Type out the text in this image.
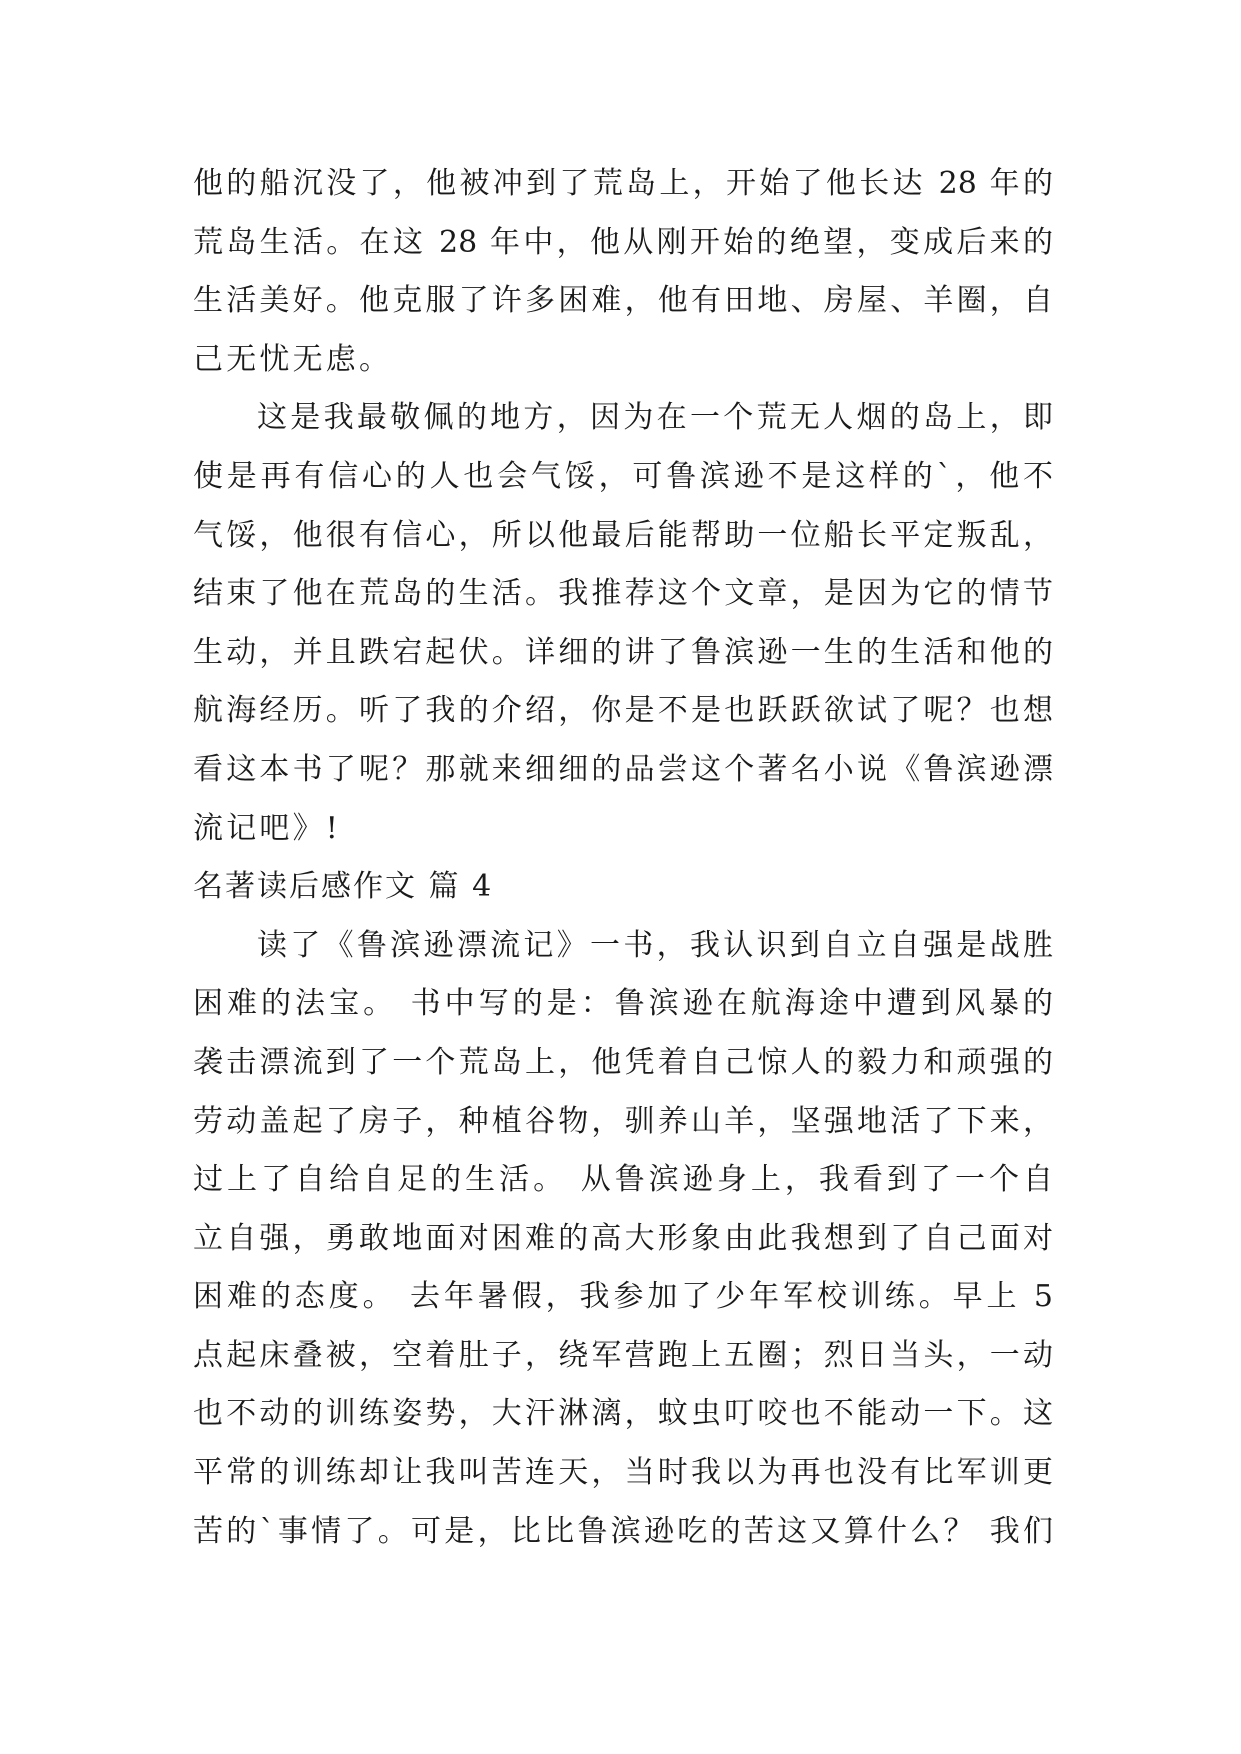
他的船沉没了，他被冲到了荒岛上，开始了他长达 28 年的
荒岛生活。在这 28 年中，他从刚开始的绝望，变成后来的
生活美好。他克服了许多困难，他有田地、房屋、羊圈，自
己无忧无虑。
这是我最敬佩的地方，因为在一个荒无人烟的岛上，即
使是再有信心的人也会气馁，可鲁滨逊不是这样的`，他不
气馁，他很有信心，所以他最后能帮助一位船长平定叛乱，
结束了他在荒岛的生活。我推荐这个文章，是因为它的情节
生动，并且跌宕起伏。详细的讲了鲁滨逊一生的生活和他的
航海经历。听了我的介绍，你是不是也跃跃欲试了呢？也想
看这本书了呢？那就来细细的品尝这个著名小说《鲁滨逊漂
流记吧》!
名著读后感作文 篇 4
读了《鲁滨逊漂流记》一书，我认识到自立自强是战胜
困难的法宝。 书中写的是：鲁滨逊在航海途中遭到风暴的
袭击漂流到了一个荒岛上，他凭着自己惊人的毅力和顽强的
劳动盖起了房子，种植谷物，驯养山羊，坚强地活了下来，
过上了自给自足的生活。 从鲁滨逊身上，我看到了一个自
立自强，勇敢地面对困难的高大形象由此我想到了自己面对
困难的态度。 去年暑假，我参加了少年军校训练。早上 5
点起床叠被，空着肚子，绕军营跑上五圈；烈日当头，一动
也不动的训练姿势，大汗淋漓，蚊虫叮咬也不能动一下。这
平常的训练却让我叫苦连天，当时我以为再也没有比军训更
苦的`事情了。可是，比比鲁滨逊吃的苦这又算什么？ 我们
